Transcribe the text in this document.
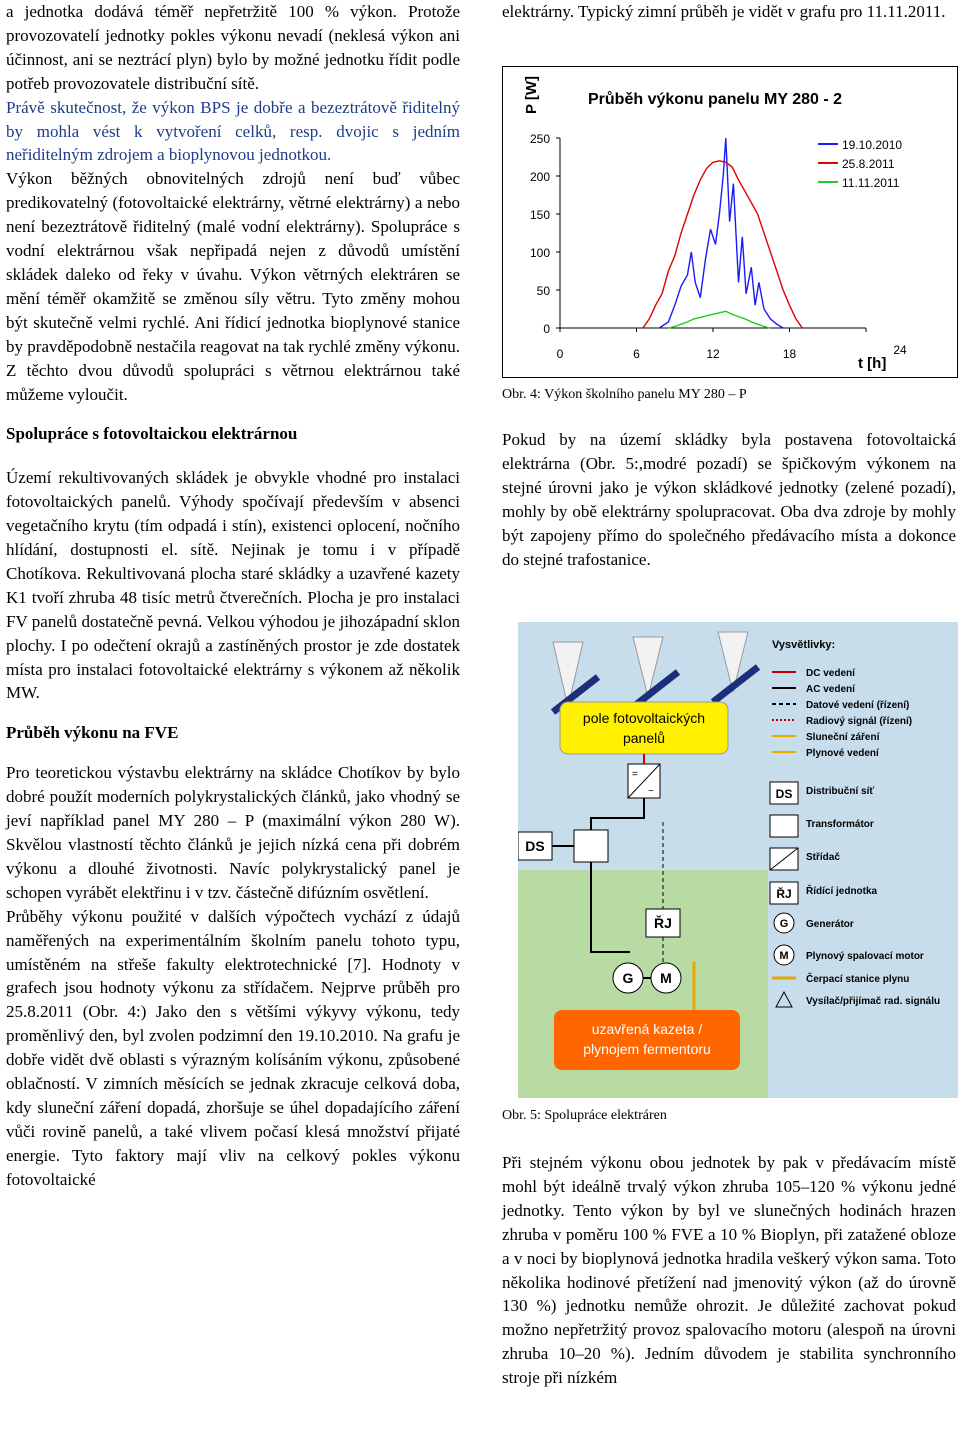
a jednotka dodává téměř nepřetržitě 100 % výkon. Protože provozovatelí jednotky pokles výkonu nevadí (neklesá výkon ani účinnost, ani se neztrácí plyn) bylo by možné jednotku řídit podle potřeb provozovatele distribuční sítě.

Právě skutečnost, že výkon BPS je dobře a bezeztrátově řiditelný by mohla vést k vytvoření celků, resp. dvojic s jedním neřiditelným zdrojem a bioplynovou jednotkou.

Výkon běžných obnovitelných zdrojů není buď vůbec predikovatelný (fotovoltaické elektrárny, větrné elektrárny) a nebo není bezeztrátově řiditelný (malé vodní elektrárny). Spolupráce s vodní elektrárnou však nepřipadá nejen z důvodů umístění skládek daleko od řeky v úvahu. Výkon větrných elektráren se mění téměř okamžitě se změnou síly větru. Tyto změny mohou být skutečně velmi rychlé. Ani řídicí jednotka bioplynové stanice by pravděpodobně nestačila reagovat na tak rychlé změny výkonu. Z těchto dvou důvodů spolupráci s větrnou elektrárnou také můžeme vyloučit.

Spolupráce s fotovoltaickou elektrárnou

Území rekultivovaných skládek je obvykle vhodné pro instalaci fotovoltaických panelů. Výhody spočívají především v absenci vegetačního krytu (tím odpadá i stín), existenci oplocení, nočního hlídání, dostupnosti el. sítě. Nejinak je tomu i v případě Chotíkova. Rekultivovaná plocha staré skládky a uzavřené kazety K1 tvoří zhruba 48 tisíc metrů čtverečních. Plocha je pro instalaci FV panelů dostatečně pevná. Velkou výhodou je jihozápadní sklon plochy. I po odečtení okrajů a zastíněných prostor je zde dostatek místa pro instalaci fotovoltaické elektrárny s výkonem až několik MW.

Průběh výkonu na FVE

Pro teoretickou výstavbu elektrárny na skládce Chotíkov by bylo dobré použít moderních polykrystalických článků, jako vhodný se jeví například panel MY 280 – P (maximální výkon 280 W). Skvělou vlastností těchto článků je jejich nízká cena při dobrém výkonu a dlouhé životnosti. Navíc polykrystalický panel je schopen vyrábět elektřinu i v tzv. částečně difúzním osvětlení.

Průběhy výkonu použité v dalších výpočtech vychází z údajů naměřených na experimentálním školním panelu tohoto typu, umístěném na střeše fakulty elektrotechnické [7]. Hodnoty v grafech jsou hodnoty výkonu za střídačem. Nejprve průběh pro 25.8.2011 (Obr. 4:) Jako den s většími výkyvy výkonu, tedy proměnlivý den, byl zvolen podzimní den 19.10.2010. Na grafu je dobře vidět dvě oblasti s výrazným kolísáním výkonu, způsobené oblačností. V zimních měsících se jednak zkracuje celková doba, kdy sluneční záření dopadá, zhoršuje se úhel dopadajícího záření vůči rovině panelů, a také vlivem počasí klesá množství přijaté energie. Tyto faktory mají vliv na celkový pokles výkonu fotovoltaické

elektrárny. Typický zimní průběh je vidět v grafu pro 11.11.2011.

Průběh výkonu panelu MY 280 - 2
P [W]
t [h]
0
50
100
150
200
250
0	6	12	18	24
19.10.2010
25.8.2011
11.11.2011

Obr. 4: Výkon školního panelu MY 280 – P

Pokud by na území skládky byla postavena fotovoltaická elektrárna (Obr. 5:,modré pozadí) se špičkovým výkonem na stejné úrovni jako je výkon skládkové jednotky (zelené pozadí), mohly by obě elektrárny spolupracovat. Oba dva zdroje by mohly být zapojeny přímo do společného předávacího místa a dokonce do stejné trafostanice.

pole fotovoltaických
panelů
=
~
DS
ŘJ
G M
uzavřená kazeta /
plynojem fermentoru
DC vedení
AC vedení
Datové vedení (řízení)
Radiový signál (řízení)
Sluneční záření
Plynové vedení
Distribuční síť
Transformátor
Střídač
Řídící jednotka
Generátor
Plynový spalovací motor
Čerpací stanice plynu
Vysílač/přijímač rad. signálu
DS
ŘJ
G
M
Vysvětlivky:

Obr. 5: Spolupráce elektráren

Při stejném výkonu obou jednotek by pak v předávacím místě mohl být ideálně trvalý výkon zhruba 105–120 % výkonu jedné jednotky. Tento výkon by byl ve slunečných hodinách hrazen zhruba v poměru 100 % FVE a 10 % Bioplyn, při zatažené obloze a v noci by bioplynová jednotka hradila veškerý výkon sama. Toto několika hodinové přetížení nad jmenovitý výkon (až do úrovně 130 %) jednotku nemůže ohrozit. Je důležité zachovat pokud možno nepřetržitý provoz spalovacího motoru (alespoň na úrovni zhruba 10–20 %). Jedním důvodem je stabilita synchronního stroje při nízkém
